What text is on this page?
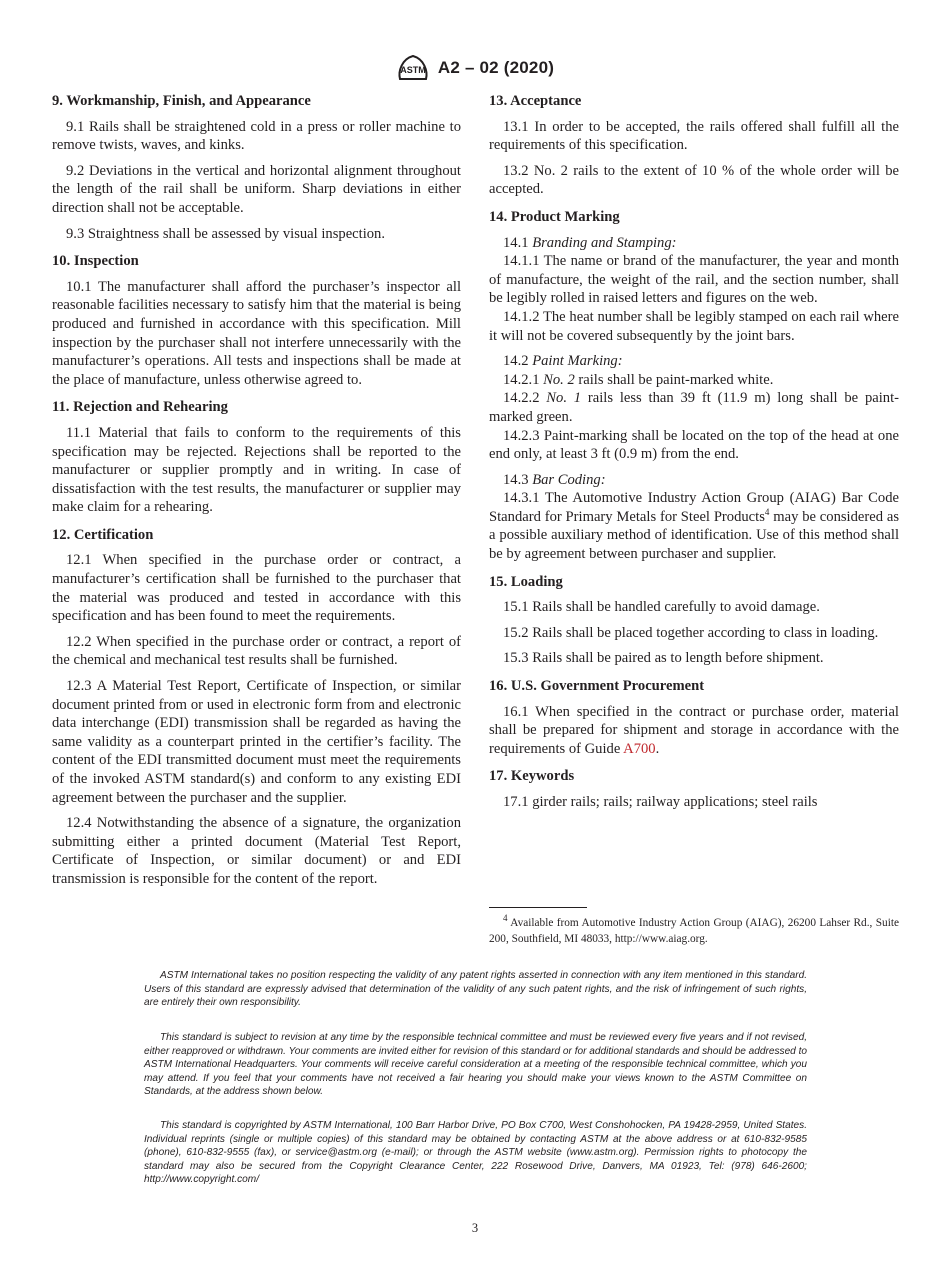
ASTM A2 – 02 (2020)
9. Workmanship, Finish, and Appearance

9.1 Rails shall be straightened cold in a press or roller machine to remove twists, waves, and kinks.

9.2 Deviations in the vertical and horizontal alignment throughout the length of the rail shall be uniform. Sharp deviations in either direction shall not be acceptable.

9.3 Straightness shall be assessed by visual inspection.

10. Inspection

10.1 The manufacturer shall afford the purchaser’s inspector all reasonable facilities necessary to satisfy him that the material is being produced and furnished in accordance with this specification. Mill inspection by the purchaser shall not interfere unnecessarily with the manufacturer’s operations. All tests and inspections shall be made at the place of manufacture, unless otherwise agreed to.

11. Rejection and Rehearing

11.1 Material that fails to conform to the requirements of this specification may be rejected. Rejections shall be reported to the manufacturer or supplier promptly and in writing. In case of dissatisfaction with the test results, the manufacturer or supplier may make claim for a rehearing.

12. Certification

12.1 When specified in the purchase order or contract, a manufacturer’s certification shall be furnished to the purchaser that the material was produced and tested in accordance with this specification and has been found to meet the requirements.

12.2 When specified in the purchase order or contract, a report of the chemical and mechanical test results shall be furnished.

12.3 A Material Test Report, Certificate of Inspection, or similar document printed from or used in electronic form from and electronic data interchange (EDI) transmission shall be regarded as having the same validity as a counterpart printed in the certifier’s facility. The content of the EDI transmitted document must meet the requirements of the invoked ASTM standard(s) and conform to any existing EDI agreement between the purchaser and the supplier.

12.4 Notwithstanding the absence of a signature, the organization submitting either a printed document (Material Test Report, Certificate of Inspection, or similar document) or and EDI transmission is responsible for the content of the report.

13. Acceptance

13.1 In order to be accepted, the rails offered shall fulfill all the requirements of this specification.

13.2 No. 2 rails to the extent of 10 % of the whole order will be accepted.

14. Product Marking

14.1 Branding and Stamping:

14.1.1 The name or brand of the manufacturer, the year and month of manufacture, the weight of the rail, and the section number, shall be legibly rolled in raised letters and figures on the web.

14.1.2 The heat number shall be legibly stamped on each rail where it will not be covered subsequently by the joint bars.

14.2 Paint Marking:

14.2.1 No. 2 rails shall be paint-marked white.

14.2.2 No. 1 rails less than 39 ft (11.9 m) long shall be paint-marked green.

14.2.3 Paint-marking shall be located on the top of the head at one end only, at least 3 ft (0.9 m) from the end.

14.3 Bar Coding:

14.3.1 The Automotive Industry Action Group (AIAG) Bar Code Standard for Primary Metals for Steel Products$^4$ may be considered as a possible auxiliary method of identification. Use of this method shall be by agreement between purchaser and supplier.

15. Loading

15.1 Rails shall be handled carefully to avoid damage.

15.2 Rails shall be placed together according to class in loading.

15.3 Rails shall be paired as to length before shipment.

16. U.S. Government Procurement

16.1 When specified in the contract or purchase order, material shall be prepared for shipment and storage in accordance with the requirements of Guide A700.

17. Keywords

17.1 girder rails; rails; railway applications; steel rails

$^4$ Available from Automotive Industry Action Group (AIAG), 26200 Lahser Rd., Suite 200, Southfield, MI 48033, http://www.aiag.org.
ASTM International takes no position respecting the validity of any patent rights asserted in connection with any item mentioned in this standard. Users of this standard are expressly advised that determination of the validity of any such patent rights, and the risk of infringement of such rights, are entirely their own responsibility.
This standard is subject to revision at any time by the responsible technical committee and must be reviewed every five years and if not revised, either reapproved or withdrawn. Your comments are invited either for revision of this standard or for additional standards and should be addressed to ASTM International Headquarters. Your comments will receive careful consideration at a meeting of the responsible technical committee, which you may attend. If you feel that your comments have not received a fair hearing you should make your views known to the ASTM Committee on Standards, at the address shown below.
This standard is copyrighted by ASTM International, 100 Barr Harbor Drive, PO Box C700, West Conshohocken, PA 19428-2959, United States. Individual reprints (single or multiple copies) of this standard may be obtained by contacting ASTM at the above address or at 610-832-9585 (phone), 610-832-9555 (fax), or service@astm.org (e-mail); or through the ASTM website (www.astm.org). Permission rights to photocopy the standard may also be secured from the Copyright Clearance Center, 222 Rosewood Drive, Danvers, MA 01923, Tel: (978) 646-2600; http://www.copyright.com/
3
